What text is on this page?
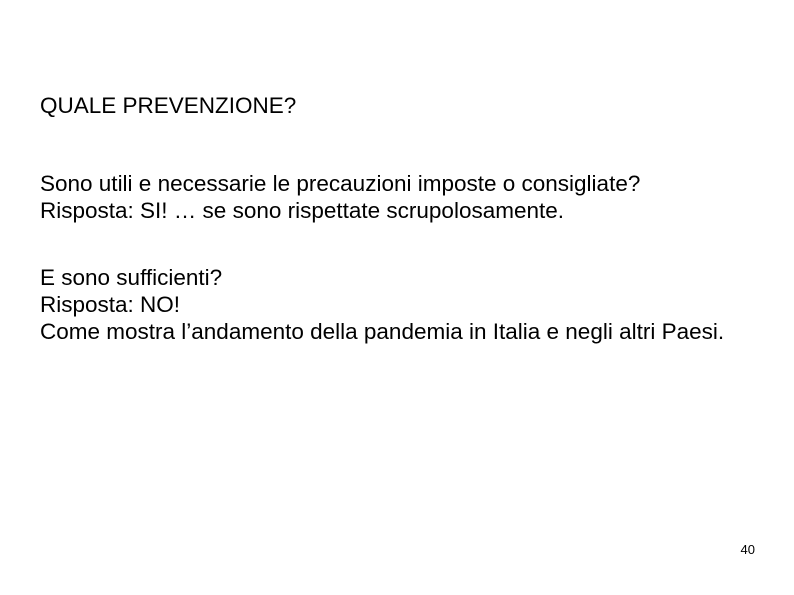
QUALE PREVENZIONE?

Sono utili e necessarie le precauzioni imposte o consigliate?

Risposta: SI! … se sono rispettate scrupolosamente.

E sono sufficienti?

Risposta: NO!

Come mostra l’andamento della pandemia in Italia e negli altri Paesi.

40
